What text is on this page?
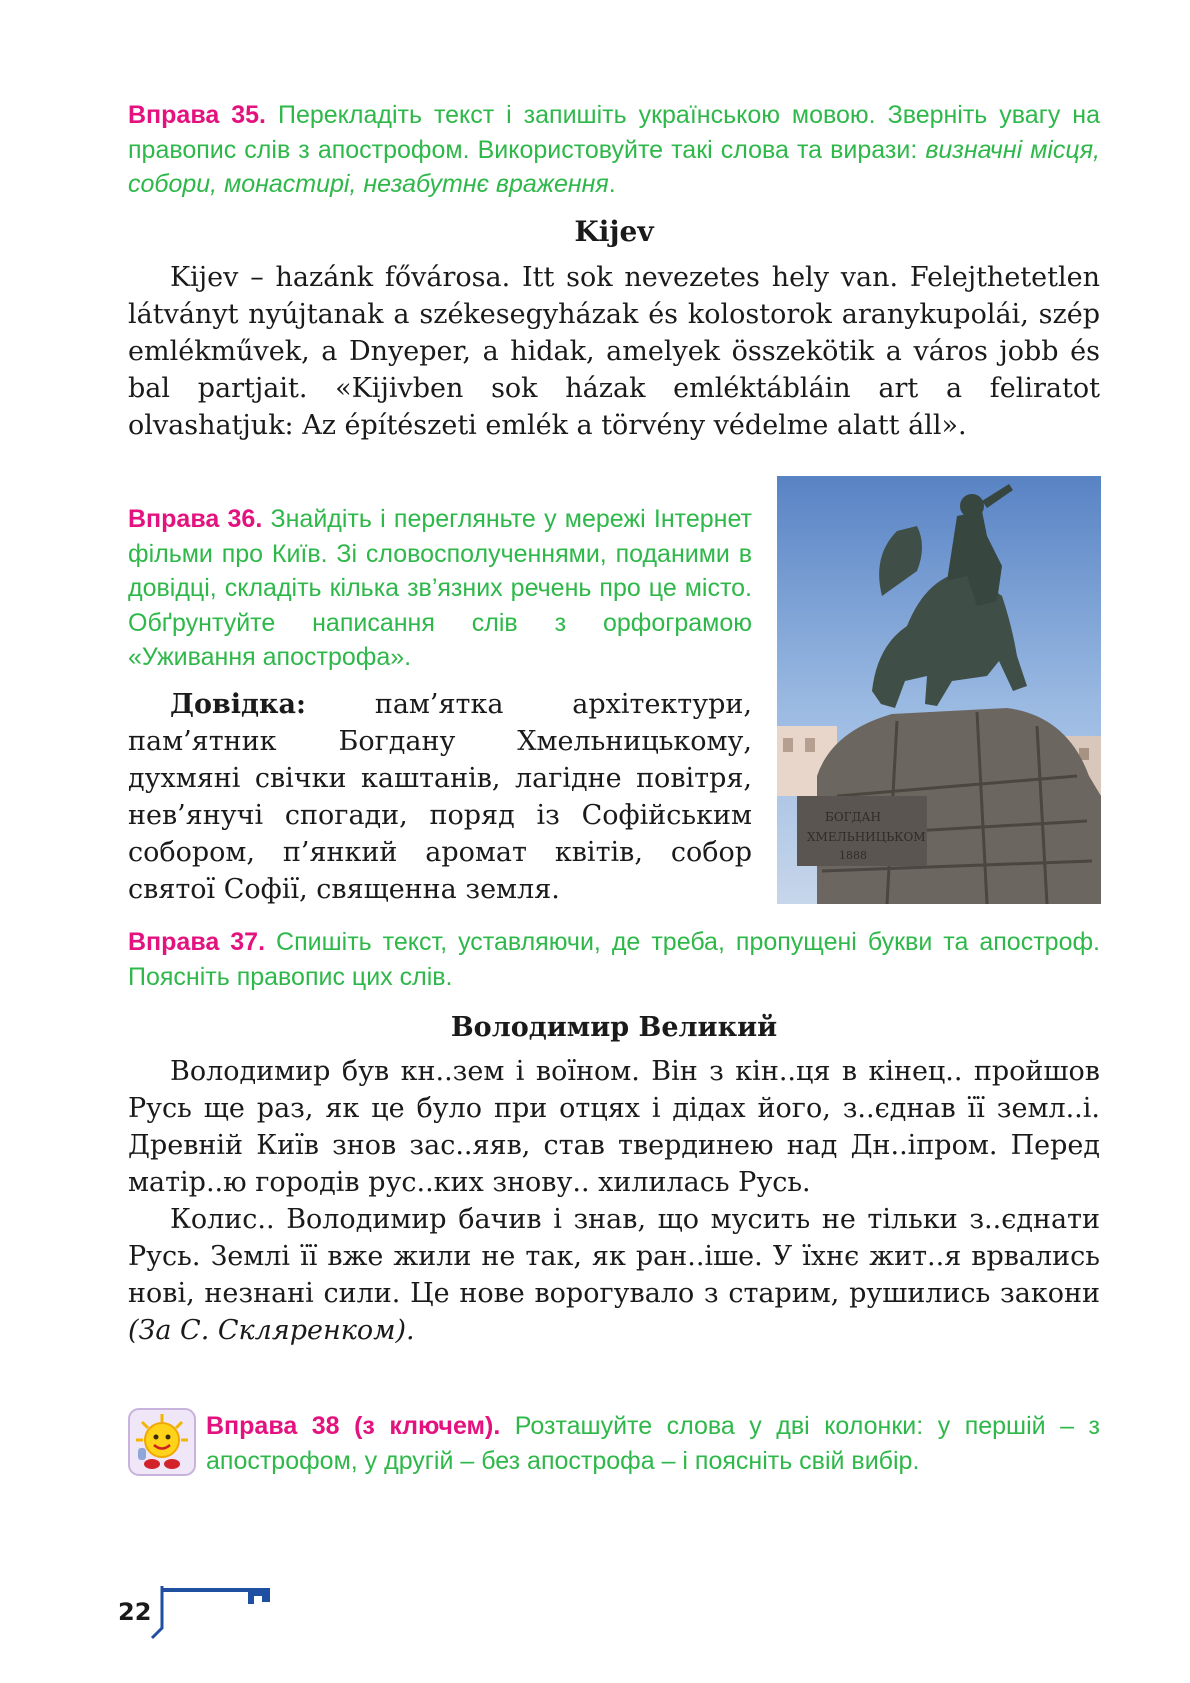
Вправа 35. Перекладіть текст і запишіть українською мовою. Зверніть увагу на правопис слів з апострофом. Використовуйте такі слова та вирази: визначні місця, собори, монастирі, незабутнє враження.
Kijev

Kijev – hazánk fővárosa. Itt sok nevezetes hely van. Felejthetetlen látványt nyújtanak a székesegyházak és kolostorok aranykupolái, szép emlékművek, a Dnyeper, a hidak, amelyek összekötik a város jobb és bal partjait. «Kijivben sok házak emléktábláin art a feliratot olvashatjuk: Az építészeti emlék a törvény védelme alatt áll».

БОГДАН
ХМЕЛЬНИЦЬКОМ
1888
Вправа 36. Знайдіть і перегляньте у мережі Інтернет фільми про Київ. Зі словосполученнями, поданими в довідці, складіть кілька зв’язних речень про це місто. Обґрунтуйте написання слів з орфограмою «Уживання апострофа».

Довідка: пам’ятка архітектури, пам’ятник Богдану Хмельницькому, духмяні свічки каштанів, лагідне повітря, нев’янучі спогади, поряд із Софійським собором, п’янкий аромат квітів, собор святої Софії, священна земля.

Вправа 37. Спишіть текст, уставляючи, де треба, пропущені букви та апостроф. Поясніть правопис цих слів.
Володимир Великий

Володимир був кн..зем і воїном. Він з кін..ця в кінец.. пройшов Русь ще раз, як це було при отцях і дідах його, з..єднав її земл..і. Древній Київ знов зас..яяв, став твердинею над Дн..іпром. Перед матір..ю городів рус..ких знову.. хилилась Русь.

Колис.. Володимир бачив і знав, що мусить не тільки з..єднати Русь. Землі її вже жили не так, як ран..іше. У їхнє жит..я врвались нові, незнані сили. Це нове ворогувало з старим, рушились закони (За С. Скляренком).

Вправа 38 (з ключем). Розташуйте слова у дві колонки: у першій – з апострофом, у другій – без апострофа – і поясніть свій вибір.
22
